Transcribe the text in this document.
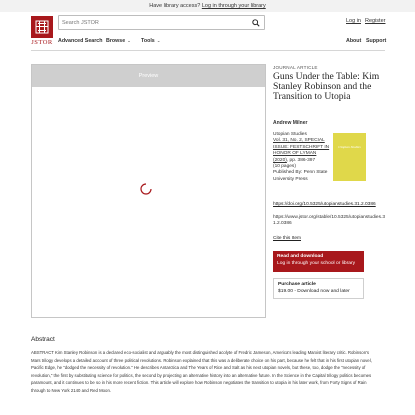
Have library access? Log in through your library
JSTOR
Search JSTOR
Log in Register
Advanced Search Browse ⌄ Tools ⌄	About Support
Preview
JOURNAL ARTICLE
Guns Under the Table: Kim Stanley Robinson and the Transition to Utopia
Andrew Milner
Utopian Studies
Vol. 31, No. 2, SPECIAL ISSUE: FESTSCHRIFT IN HONOR OF LYMAN
(2020), pp. 386-397
(10 pages)
Published By: Penn State University Press
Utopian Studies
https://doi.org/10.5325/utopianstudies.31.2.0386
https://www.jstor.org/stable/10.5325/utopianstudies.31.2.0386
Cite this Item
Read and download
Log in through your school or library
Purchase article
$19.00 - Download now and later
Abstract
ABSTRACT Kim Stanley Robinson is a declared eco-socialist and arguably the most distinguished acolyte of Fredric Jameson, America's leading Marxist literary critic. Robinson's Mars trilogy develops a detailed account of three political revolutions. Robinson explained that this was a deliberate choice on his part, because he felt that in his first utopian novel, Pacific Edge, he "dodged the necessity of revolution." He describes Antarctica and The Years of Rice and Salt as his next utopian novels, but these, too, dodge the "necessity of revolution," the first by substituting science for politics, the second by projecting an alternative history into an alternative future. In the Science in the Capital trilogy politics becomes paramount, and it continues to be so in his more recent fiction. This article will explore how Robinson negotiates the transition to utopia in his later work, from Forty Signs of Rain through to New York 2140 and Red Moon.
